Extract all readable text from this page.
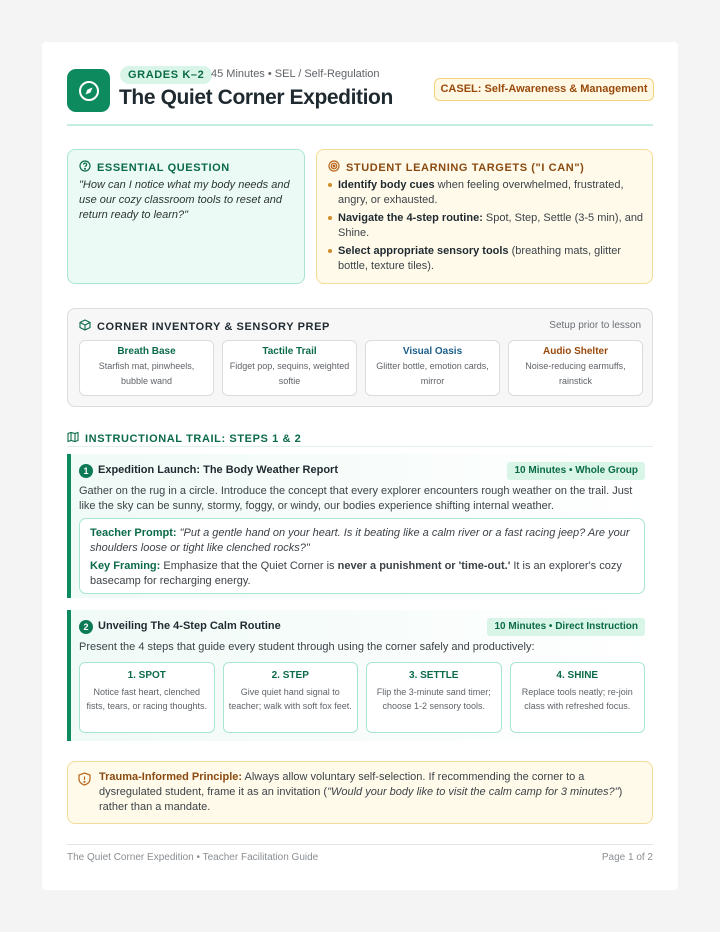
GRADES K–2 45 Minutes • SEL / Self-Regulation
The Quiet Corner Expedition	CASEL: Self-Awareness & Management
ESSENTIAL QUESTION
"How can I notice what my body needs and use our cozy classroom tools to reset and return ready to learn?"
STUDENT LEARNING TARGETS ("I CAN")
Identify body cues when feeling overwhelmed, frustrated, angry, or exhausted.
Navigate the 4-step routine: Spot, Step, Settle (3-5 min), and Shine.
Select appropriate sensory tools (breathing mats, glitter bottle, texture tiles).
CORNER INVENTORY & SENSORY PREP	Setup prior to lesson
Breath Base
Starfish mat, pinwheels, bubble wand
Tactile Trail
Fidget pop, sequins, weighted softie
Visual Oasis
Glitter bottle, emotion cards, mirror
Audio Shelter
Noise-reducing earmuffs, rainstick
INSTRUCTIONAL TRAIL: STEPS 1 & 2
1 Expedition Launch: The Body Weather Report	10 Minutes • Whole Group
Gather on the rug in a circle. Introduce the concept that every explorer encounters rough weather on the trail. Just like the sky can be sunny, stormy, foggy, or windy, our bodies experience shifting internal weather.

Teacher Prompt: "Put a gentle hand on your heart. Is it beating like a calm river or a fast racing jeep? Are your shoulders loose or tight like clenched rocks?"

Key Framing: Emphasize that the Quiet Corner is never a punishment or 'time-out.' It is an explorer's cozy basecamp for recharging energy.

2 Unveiling The 4-Step Calm Routine	10 Minutes • Direct Instruction
Present the 4 steps that guide every student through using the corner safely and productively:
1. SPOT
Notice fast heart, clenched fists, tears, or racing thoughts.
2. STEP
Give quiet hand signal to teacher; walk with soft fox feet.
3. SETTLE
Flip the 3-minute sand timer; choose 1-2 sensory tools.
4. SHINE
Replace tools neatly; re-join class with refreshed focus.
Trauma-Informed Principle: Always allow voluntary self-selection. If recommending the corner to a dysregulated student, frame it as an invitation ("Would your body like to visit the calm camp for 3 minutes?") rather than a mandate.
The Quiet Corner Expedition • Teacher Facilitation Guide	Page 1 of 2
